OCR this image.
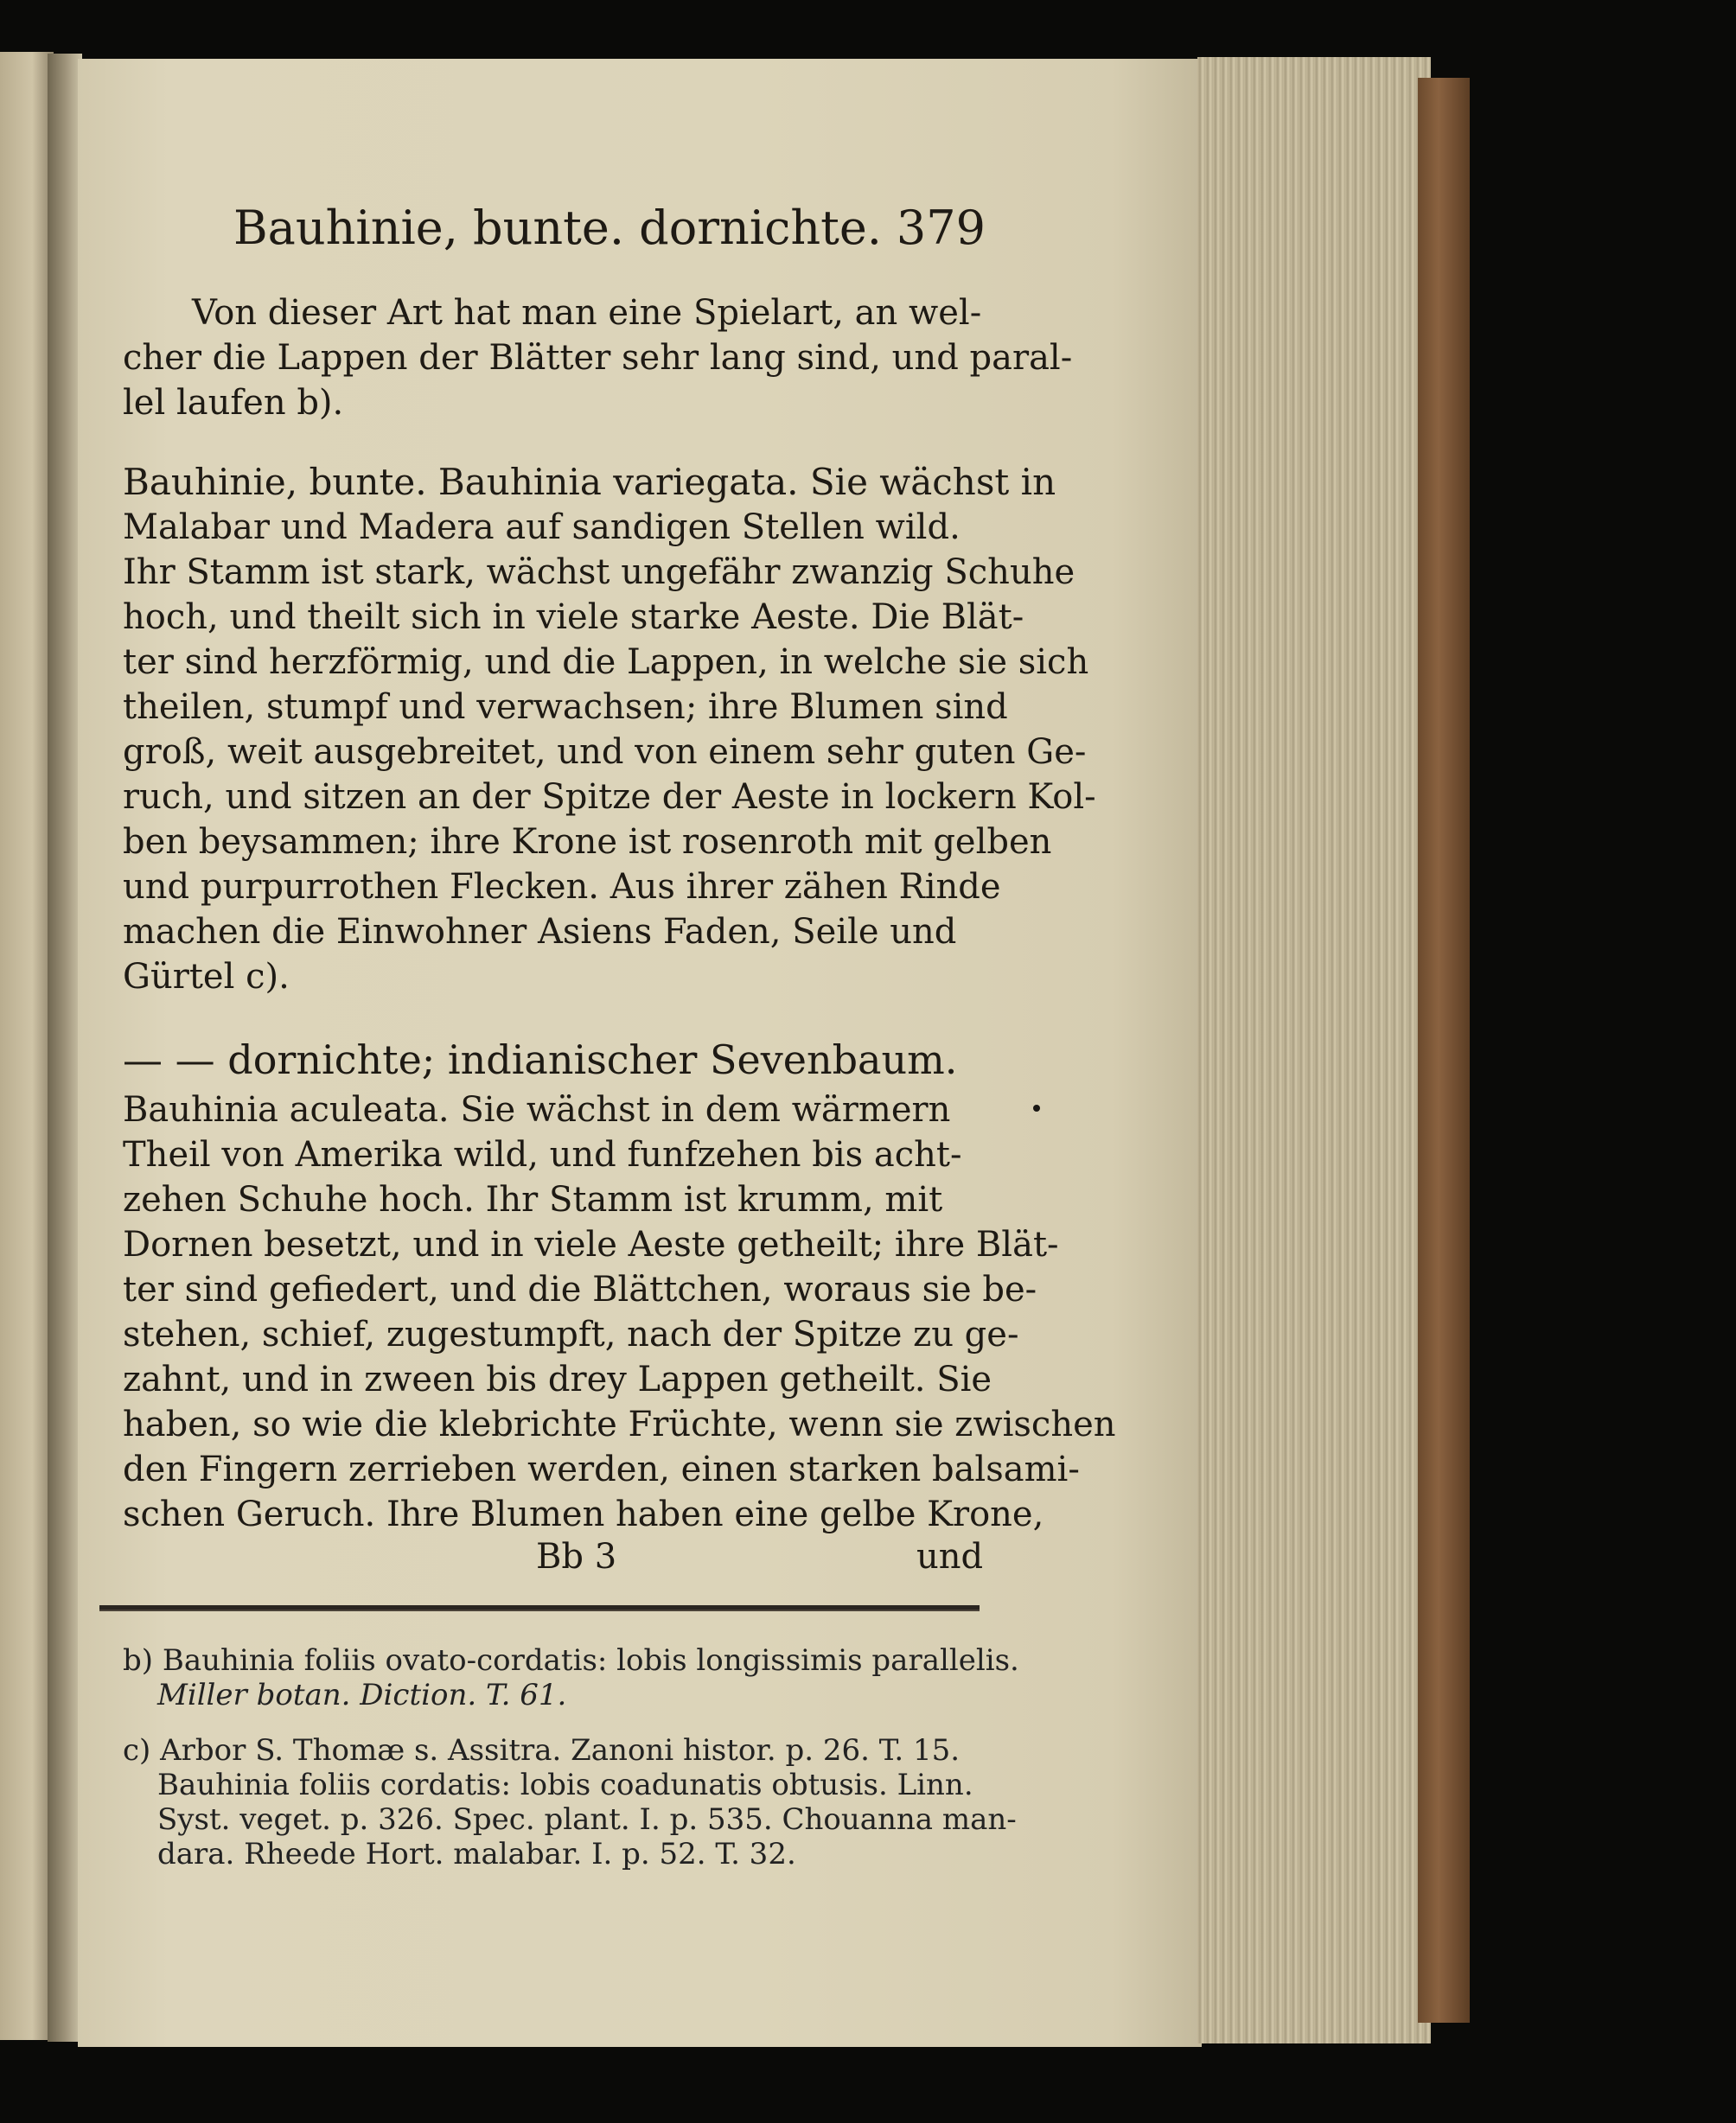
Bauhinie, bunte. dornichte. 379
Von dieser Art hat man eine Spielart, an wel-
cher die Lappen der Blätter sehr lang sind, und paral-
lel laufen b).
Bauhinie, bunte. Bauhinia variegata. Sie wächst in
Malabar und Madera auf sandigen Stellen wild.
Ihr Stamm ist stark, wächst ungefähr zwanzig Schuhe
hoch, und theilt sich in viele starke Aeste. Die Blät-
ter sind herzförmig, und die Lappen, in welche sie sich
theilen, stumpf und verwachsen; ihre Blumen sind
groß, weit ausgebreitet, und von einem sehr guten Ge-
ruch, und sitzen an der Spitze der Aeste in lockern Kol-
ben beysammen; ihre Krone ist rosenroth mit gelben
und purpurrothen Flecken. Aus ihrer zähen Rinde
machen die Einwohner Asiens Faden, Seile und
Gürtel c).
— — dornichte; indianischer Sevenbaum.
Bauhinia aculeata. Sie wächst in dem wärmern
Theil von Amerika wild, und funfzehen bis acht-
zehen Schuhe hoch. Ihr Stamm ist krumm, mit
Dornen besetzt, und in viele Aeste getheilt; ihre Blät-
ter sind gefiedert, und die Blättchen, woraus sie be-
stehen, schief, zugestumpft, nach der Spitze zu ge-
zahnt, und in zween bis drey Lappen getheilt. Sie
haben, so wie die klebrichte Früchte, wenn sie zwischen
den Fingern zerrieben werden, einen starken balsami-
schen Geruch. Ihre Blumen haben eine gelbe Krone,
Bb 3	und
b) Bauhinia foliis ovato-cordatis: lobis longissimis parallelis.
Miller botan. Diction. T. 61.
c) Arbor S. Thomæ s. Assitra. Zanoni histor. p. 26. T. 15.
Bauhinia foliis cordatis: lobis coadunatis obtusis. Linn.
Syst. veget. p. 326. Spec. plant. I. p. 535. Chouanna man-
dara. Rheede Hort. malabar. I. p. 52. T. 32.
